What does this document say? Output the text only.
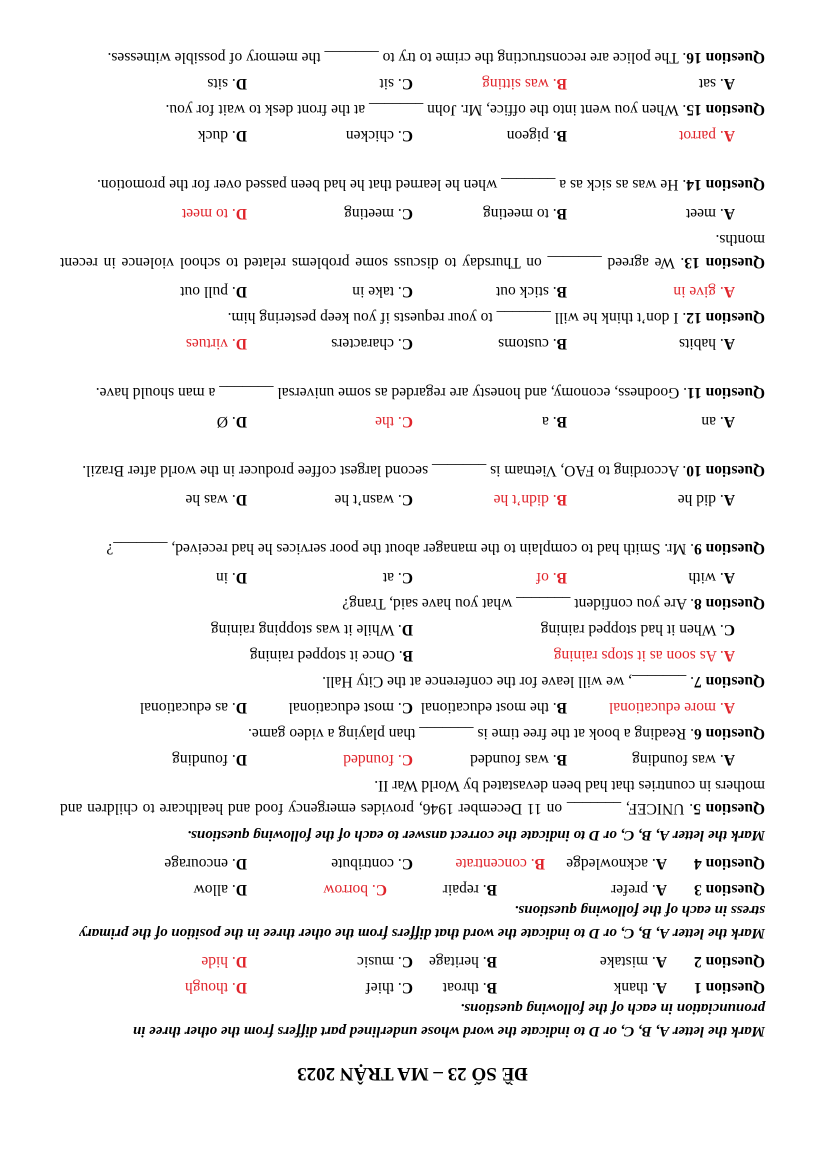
ĐỀ SỐ 23 – MA TRẬN 2023
Mark the letter A, B, C, or D to indicate the word whose underlined part differs from the other three in pronunciation in each of the following questions.
Question 1
A. thank
B. throat
C. thief
D. though
Question 2
A. mistake
B. heritage
C. music
D. hide
Mark the letter A, B, C, or D to indicate the word that differs from the other three in the position of the primary stress in each of the following questions.
Question 3
A. prefer
B. repair
C. borrow
D. allow
Question 4
A. acknowledge
B. concentrate
C. contribute
D. encourage
Mark the letter A, B, C, or D to indicate the correct answer to each of the following questions.
Question 5. UNICEF, _______ on 11 December 1946, provides emergency food and healthcare to children and mothers in countries that had been devastated by World War II.
A. was founding
B. was founded
C. founded
D. founding
Question 6. Reading a book at the free time is _______ than playing a video game.
A. more educational
B. the most educational
C. most educational
D. as educational
Question 7. _______, we will leave for the conference at the City Hall.
A. As soon as it stops raining
B. Once it stopped raining
C. When it had stopped raining
D. While it was stopping raining
Question 8. Are you confident _______ what you have said, Trang?
A. with
B. of
C. at
D. in
Question 9. Mr. Smith had to complain to the manager about the poor services he had received, _______?
A. did he
B. didn’t he
C. wasn’t he
D. was he
Question 10. According to FAO, Vietnam is _______ second largest coffee producer in the world after Brazil.
A. an
B. a
C. the
D. Ø
Question 11. Goodness, economy, and honesty are regarded as some universal _______ a man should have.
A. habits
B. customs
C. characters
D. virtues
Question 12. I don’t think he will _______ to your requests if you keep pestering him.
A. give in
B. stick out
C. take in
D. pull out
Question 13. We agreed _______ on Thursday to discuss some problems related to school violence in recent months.
A. meet
B. to meeting
C. meeting
D. to meet
Question 14. He was as sick as a _______ when he learned that he had been passed over for the promotion.
A. parrot
B. pigeon
C. chicken
D. duck
Question 15. When you went into the office, Mr. John _______ at the front desk to wait for you.
A. sat
B. was sitting
C. sit
D. sits
Question 16. The police are reconstructing the crime to try to _______ the memory of possible witnesses.
